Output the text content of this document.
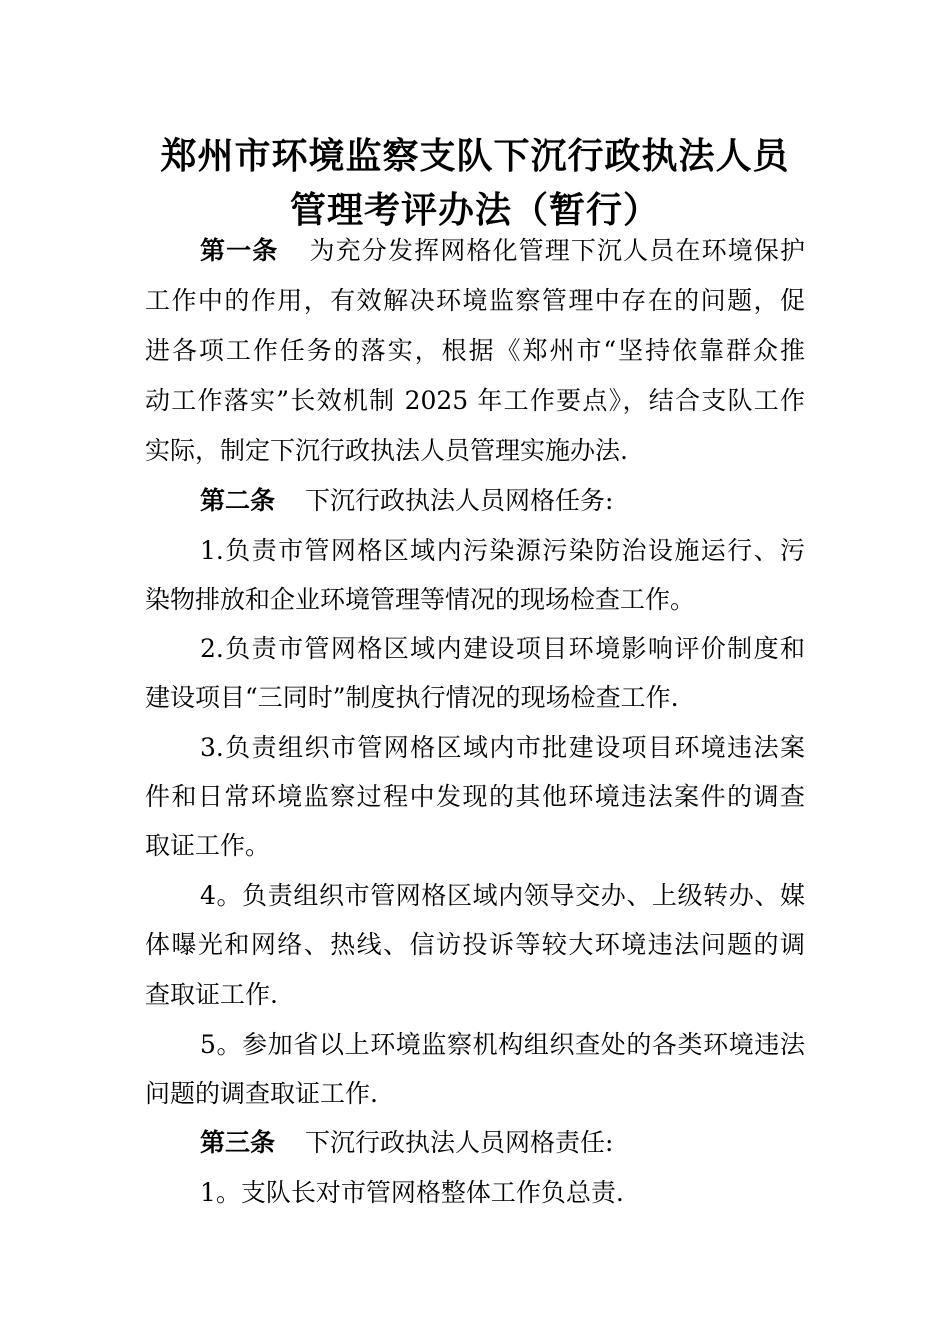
郑州市环境监察支队下沉行政执法人员
管理考评办法（暂行）
第一条 为充分发挥网格化管理下沉人员在环境保护
工作中的作用，有效解决环境监察管理中存在的问题，促
进各项工作任务的落实，根据《郑州市“坚持依靠群众推
动工作落实”长效机制 2025 年工作要点》，结合支队工作
实际，制定下沉行政执法人员管理实施办法.
第二条 下沉行政执法人员网格任务:
1.负责市管网格区域内污染源污染防治设施运行、污
染物排放和企业环境管理等情况的现场检查工作。
2.负责市管网格区域内建设项目环境影响评价制度和
建设项目“三同时”制度执行情况的现场检查工作.
3.负责组织市管网格区域内市批建设项目环境违法案
件和日常环境监察过程中发现的其他环境违法案件的调查
取证工作。
4。负责组织市管网格区域内领导交办、上级转办、媒
体曝光和网络、热线、信访投诉等较大环境违法问题的调
查取证工作.
5。参加省以上环境监察机构组织查处的各类环境违法
问题的调查取证工作.
第三条 下沉行政执法人员网格责任:
1。支队长对市管网格整体工作负总责.
